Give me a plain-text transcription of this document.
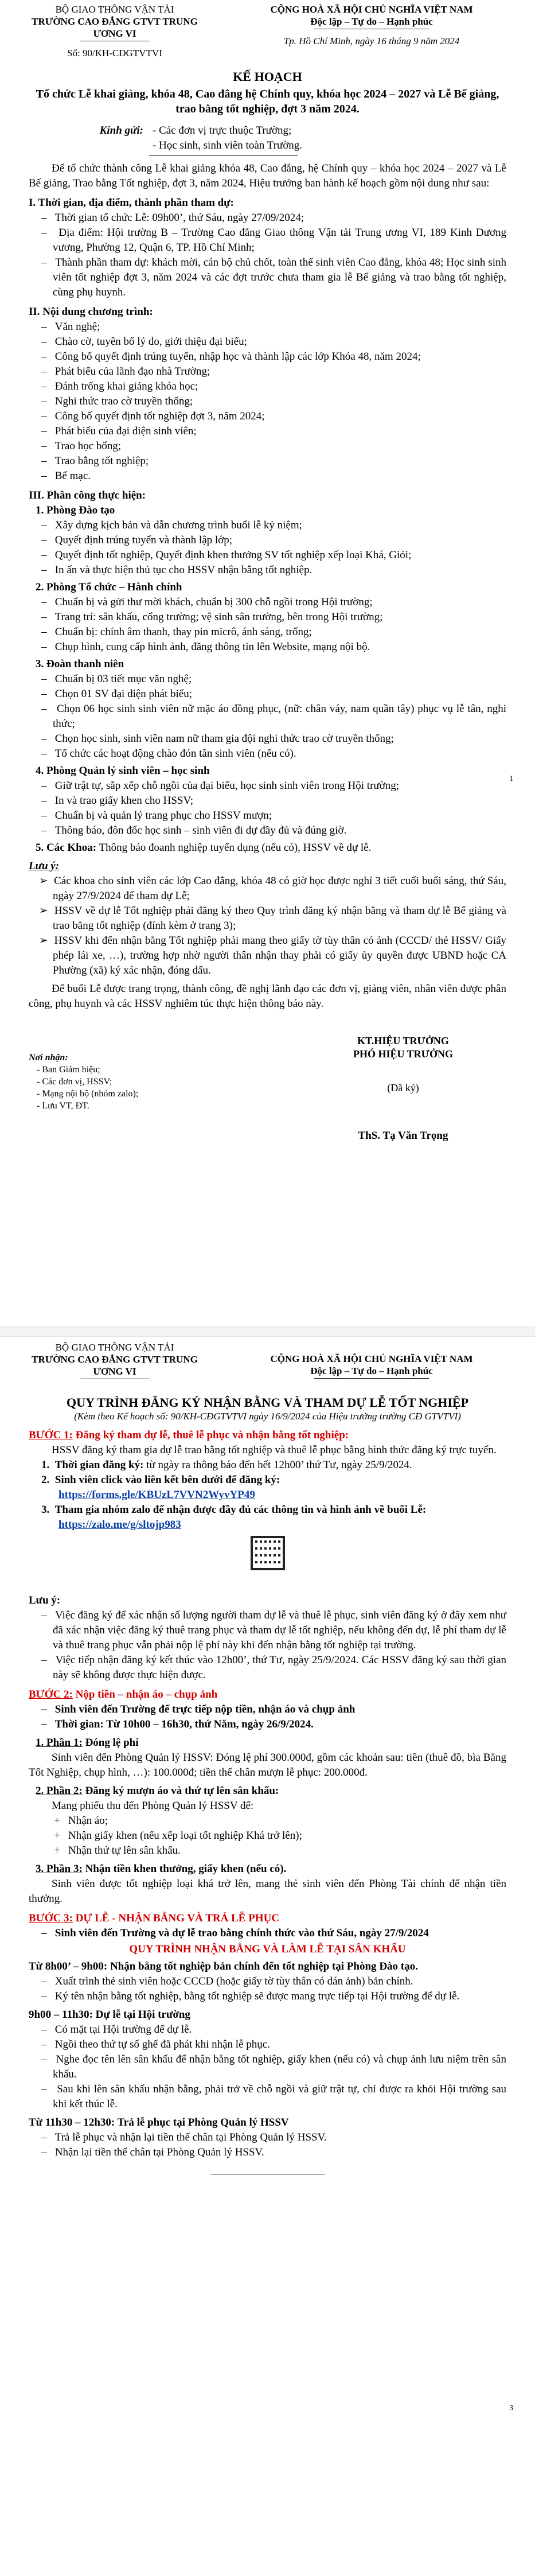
BỘ GIAO THÔNG VẬN TẢI
TRƯỜNG CAO ĐẲNG GTVT TRUNG ƯƠNG VI
Số: 90/KH-CĐGTVTVI
CỘNG HOÀ XÃ HỘI CHỦ NGHĨA VIỆT NAM
Độc lập – Tự do – Hạnh phúc
Tp. Hồ Chí Minh, ngày 16 tháng 9 năm 2024
KẾ HOẠCH
Tổ chức Lễ khai giảng, khóa 48, Cao đẳng hệ Chính quy, khóa học 2024 – 2027 và Lễ Bế giảng, trao bằng tốt nghiệp, đợt 3 năm 2024.
Kính gửi: - Các đơn vị trực thuộc Trường;
- Học sinh, sinh viên toàn Trường.
Để tổ chức thành công Lễ khai giảng khóa 48, Cao đẳng, hệ Chính quy – khóa học 2024 – 2027 và Lễ Bế giảng, Trao bằng Tốt nghiệp, đợt 3, năm 2024, Hiệu trưởng ban hành kế hoạch gồm nội dung như sau:
I. Thời gian, địa điểm, thành phần tham dự:
–   Thời gian tổ chức Lễ: 09h00’, thứ Sáu, ngày 27/09/2024;
–   Địa điểm: Hội trường B – Trường Cao đẳng Giao thông Vận tải Trung ương VI, 189 Kinh Dương vương, Phường 12, Quận 6, TP. Hồ Chí Minh;
–   Thành phần tham dự: khách mời, cán bộ chủ chốt, toàn thể sinh viên Cao đẳng, khóa 48; Học sinh sinh viên tốt nghiệp đợt 3, năm 2024 và các đợt trước chưa tham gia lễ Bế giảng và trao bằng tốt nghiệp, cùng phụ huynh.
II. Nội dung chương trình:
–   Văn nghệ;
–   Chào cờ, tuyên bố lý do, giới thiệu đại biểu;
–   Công bố quyết định trúng tuyển, nhập học và thành lập các lớp Khóa 48, năm 2024;
–   Phát biểu của lãnh đạo nhà Trường;
–   Đánh trống khai giảng khóa học;
–   Nghi thức trao cờ truyền thống;
–   Công bố quyết định tốt nghiệp đợt 3, năm 2024;
–   Phát biểu của đại diện sinh viên;
–   Trao học bổng;
–   Trao bằng tốt nghiệp;
–   Bế mạc.
III. Phân công thực hiện:
1. Phòng Đào tạo
–   Xây dựng kịch bản và dẫn chương trình buổi lễ kỷ niệm;
–   Quyết định trúng tuyển và thành lập lớp;
–   Quyết định tốt nghiệp, Quyết định khen thưởng SV tốt nghiệp xếp loại Khá, Giỏi;
–   In ấn và thực hiện thủ tục cho HSSV nhận bằng tốt nghiệp.
2. Phòng Tổ chức – Hành chính
–   Chuẩn bị và gửi thư mời khách, chuẩn bị 300 chỗ ngồi trong Hội trường;
–   Trang trí: sân khấu, cổng trường; vệ sinh sân trường, bên trong Hội trường;
–   Chuẩn bị: chính âm thanh, thay pin micrô, ánh sáng, trống;
–   Chụp hình, cung cấp hình ảnh, đăng thông tin lên Website, mạng nội bộ.
3. Đoàn thanh niên
–   Chuẩn bị 03 tiết mục văn nghệ;
–   Chọn 01 SV đại diện phát biểu;
–   Chọn 06 học sinh sinh viên nữ mặc áo đồng phục, (nữ: chân váy, nam quần tây) phục vụ lễ tân, nghi thức;
–   Chọn học sinh, sinh viên nam nữ tham gia đội nghi thức trao cờ truyền thống;
–   Tổ chức các hoạt động chào đón tân sinh viên (nếu có).
4. Phòng Quản lý sinh viên – học sinh
–   Giữ trật tự, sắp xếp chỗ ngồi của đại biểu, học sinh sinh viên trong Hội trường;
–   In và trao giấy khen cho HSSV;
–   Chuẩn bị và quản lý trang phục cho HSSV mượn;
–   Thông báo, đôn đốc học sinh – sinh viên đi dự đầy đủ và đúng giờ.
5. Các Khoa: Thông báo đoanh nghiệp tuyển dụng (nếu có), HSSV về dự lễ.
Lưu ý:
➢ Các khoa cho sinh viên các lớp Cao đẳng, khóa 48 có giờ học được nghỉ 3 tiết cuối buổi sáng, thứ Sáu, ngày 27/9/2024 để tham dự Lễ;
➢ HSSV về dự lễ Tốt nghiệp phải đăng ký theo Quy trình đăng ký nhận bằng và tham dự lễ Bế giảng và trao bằng tốt nghiệp (đính kèm ở trang 3);
➢ HSSV khi đến nhận bằng Tốt nghiệp phải mang theo giấy tờ tùy thân có ảnh (CCCD/ thẻ HSSV/ Giấy phép lái xe, …), trường hợp nhờ người thân nhận thay phải có giấy ủy quyền được UBND hoặc CA Phường (xã) ký xác nhận, đóng dấu.
Để buổi Lễ được trang trọng, thành công, đề nghị lãnh đạo các đơn vị, giảng viên, nhân viên được phân công, phụ huynh và các HSSV nghiêm túc thực hiện thông báo này.
Nơi nhận:
- Ban Giám hiệu;
- Các đơn vị, HSSV;
- Mạng nội bộ (nhóm zalo);
- Lưu VT, ĐT.
KT.HIỆU TRƯỞNG
PHÓ HIỆU TRƯỞNG
(Đã ký)
ThS. Tạ Văn Trọng
1
BỘ GIAO THÔNG VẬN TẢI
TRƯỜNG CAO ĐẲNG GTVT TRUNG ƯƠNG VI
CỘNG HOÀ XÃ HỘI CHỦ NGHĨA VIỆT NAM
Độc lập – Tự do – Hạnh phúc
QUY TRÌNH ĐĂNG KÝ NHẬN BẰNG VÀ THAM DỰ LỄ TỐT NGHIỆP
(Kèm theo Kế hoạch số: 90/KH-CĐGTVTVI ngày 16/9/2024 của Hiệu trưởng trường CĐ GTVTVI)
BƯỚC 1: Đăng ký tham dự lễ, thuê lễ phục và nhận bằng tốt nghiệp:
HSSV đăng ký tham gia dự lễ trao bằng tốt nghiệp và thuê lễ phục bằng hình thức đăng ký trực tuyến.
1. Thời gian đăng ký: từ ngày ra thông báo đến hết 12h00’ thứ Tư, ngày 25/9/2024.
2. Sinh viên click vào liên kết bên dưới để đăng ký:
https://forms.gle/KBUzL7VVN2WyvYP49
3. Tham gia nhóm zalo để nhận được đầy đủ các thông tin và hình ảnh về buổi Lễ:
https://zalo.me/g/sltojp983
Lưu ý:
–   Việc đăng ký để xác nhận số lượng người tham dự lễ và thuê lễ phục, sinh viên đăng ký ở đây xem như đã xác nhận việc đăng ký thuê trang phục và tham dự lễ tốt nghiệp, nếu không đến dự, lễ phí tham dự lễ và thuê trang phục vẫn phải nộp lệ phí này khi đến nhận bằng tốt nghiệp tại trường.
–   Việc tiếp nhận đăng ký kết thúc vào 12h00’, thứ Tư, ngày 25/9/2024. Các HSSV đăng ký sau thời gian này sẽ không được thực hiện được.
BƯỚC 2: Nộp tiền – nhận áo – chụp ảnh
–   Sinh viên đến Trường để trực tiếp nộp tiền, nhận áo và chụp ảnh
–   Thời gian: Từ 10h00 – 16h30, thứ Năm, ngày 26/9/2024.
1. Phần 1: Đóng lệ phí
Sinh viên đến Phòng Quản lý HSSV: Đóng lệ phí 300.000đ, gồm các khoản sau: tiền (thuê đồ, bìa Bằng Tốt Nghiệp, chụp hình, …): 100.000đ; tiền thế chân mượn lễ phục: 200.000đ.
2. Phần 2: Đăng ký mượn áo và thứ tự lên sân khấu:
Mang phiếu thu đến Phòng Quản lý HSSV để:
+   Nhận áo;
+   Nhận giấy khen (nếu xếp loại tốt nghiệp Khá trở lên);
+   Nhận thứ tự lên sân khấu.
3. Phần 3: Nhận tiền khen thưởng, giấy khen (nếu có).
Sinh viên được tốt nghiệp loại khá trở lên, mang thẻ sinh viên đến Phòng Tài chính để nhận tiền thưởng.
BƯỚC 3: DỰ LỄ - NHẬN BẰNG VÀ TRẢ LỄ PHỤC
–   Sinh viên đến Trường và dự lễ trao bằng chính thức vào thứ Sáu, ngày 27/9/2024
QUY TRÌNH NHẬN BẰNG VÀ LÀM LỄ TẠI SÂN KHẤU
Từ 8h00’ – 9h00: Nhận bằng tốt nghiệp bản chính đến tốt nghiệp tại Phòng Đào tạo.
–   Xuất trình thẻ sinh viên hoặc CCCD (hoặc giấy tờ tùy thân có dán ảnh) bản chính.
–   Ký tên nhận bằng tốt nghiệp, bằng tốt nghiệp sẽ được mang trực tiếp tại Hội trường để dự lễ.
9h00 – 11h30: Dự lễ tại Hội trường
–   Có mặt tại Hội trường để dự lễ.
–   Ngồi theo thứ tự số ghế đã phát khi nhận lễ phục.
–   Nghe đọc tên lên sân khấu để nhận bằng tốt nghiệp, giấy khen (nếu có) và chụp ảnh lưu niệm trên sân khấu.
–   Sau khi lên sân khấu nhận bằng, phải trở về chỗ ngồi và giữ trật tự, chỉ được ra khỏi Hội trường sau khi kết thúc lễ.
Từ 11h30 – 12h30: Trả lễ phục tại Phòng Quản lý HSSV
–   Trả lễ phục và nhận lại tiền thế chân tại Phòng Quản lý HSSV.
–   Nhận lại tiền thế chân tại Phòng Quản lý HSSV.
3
